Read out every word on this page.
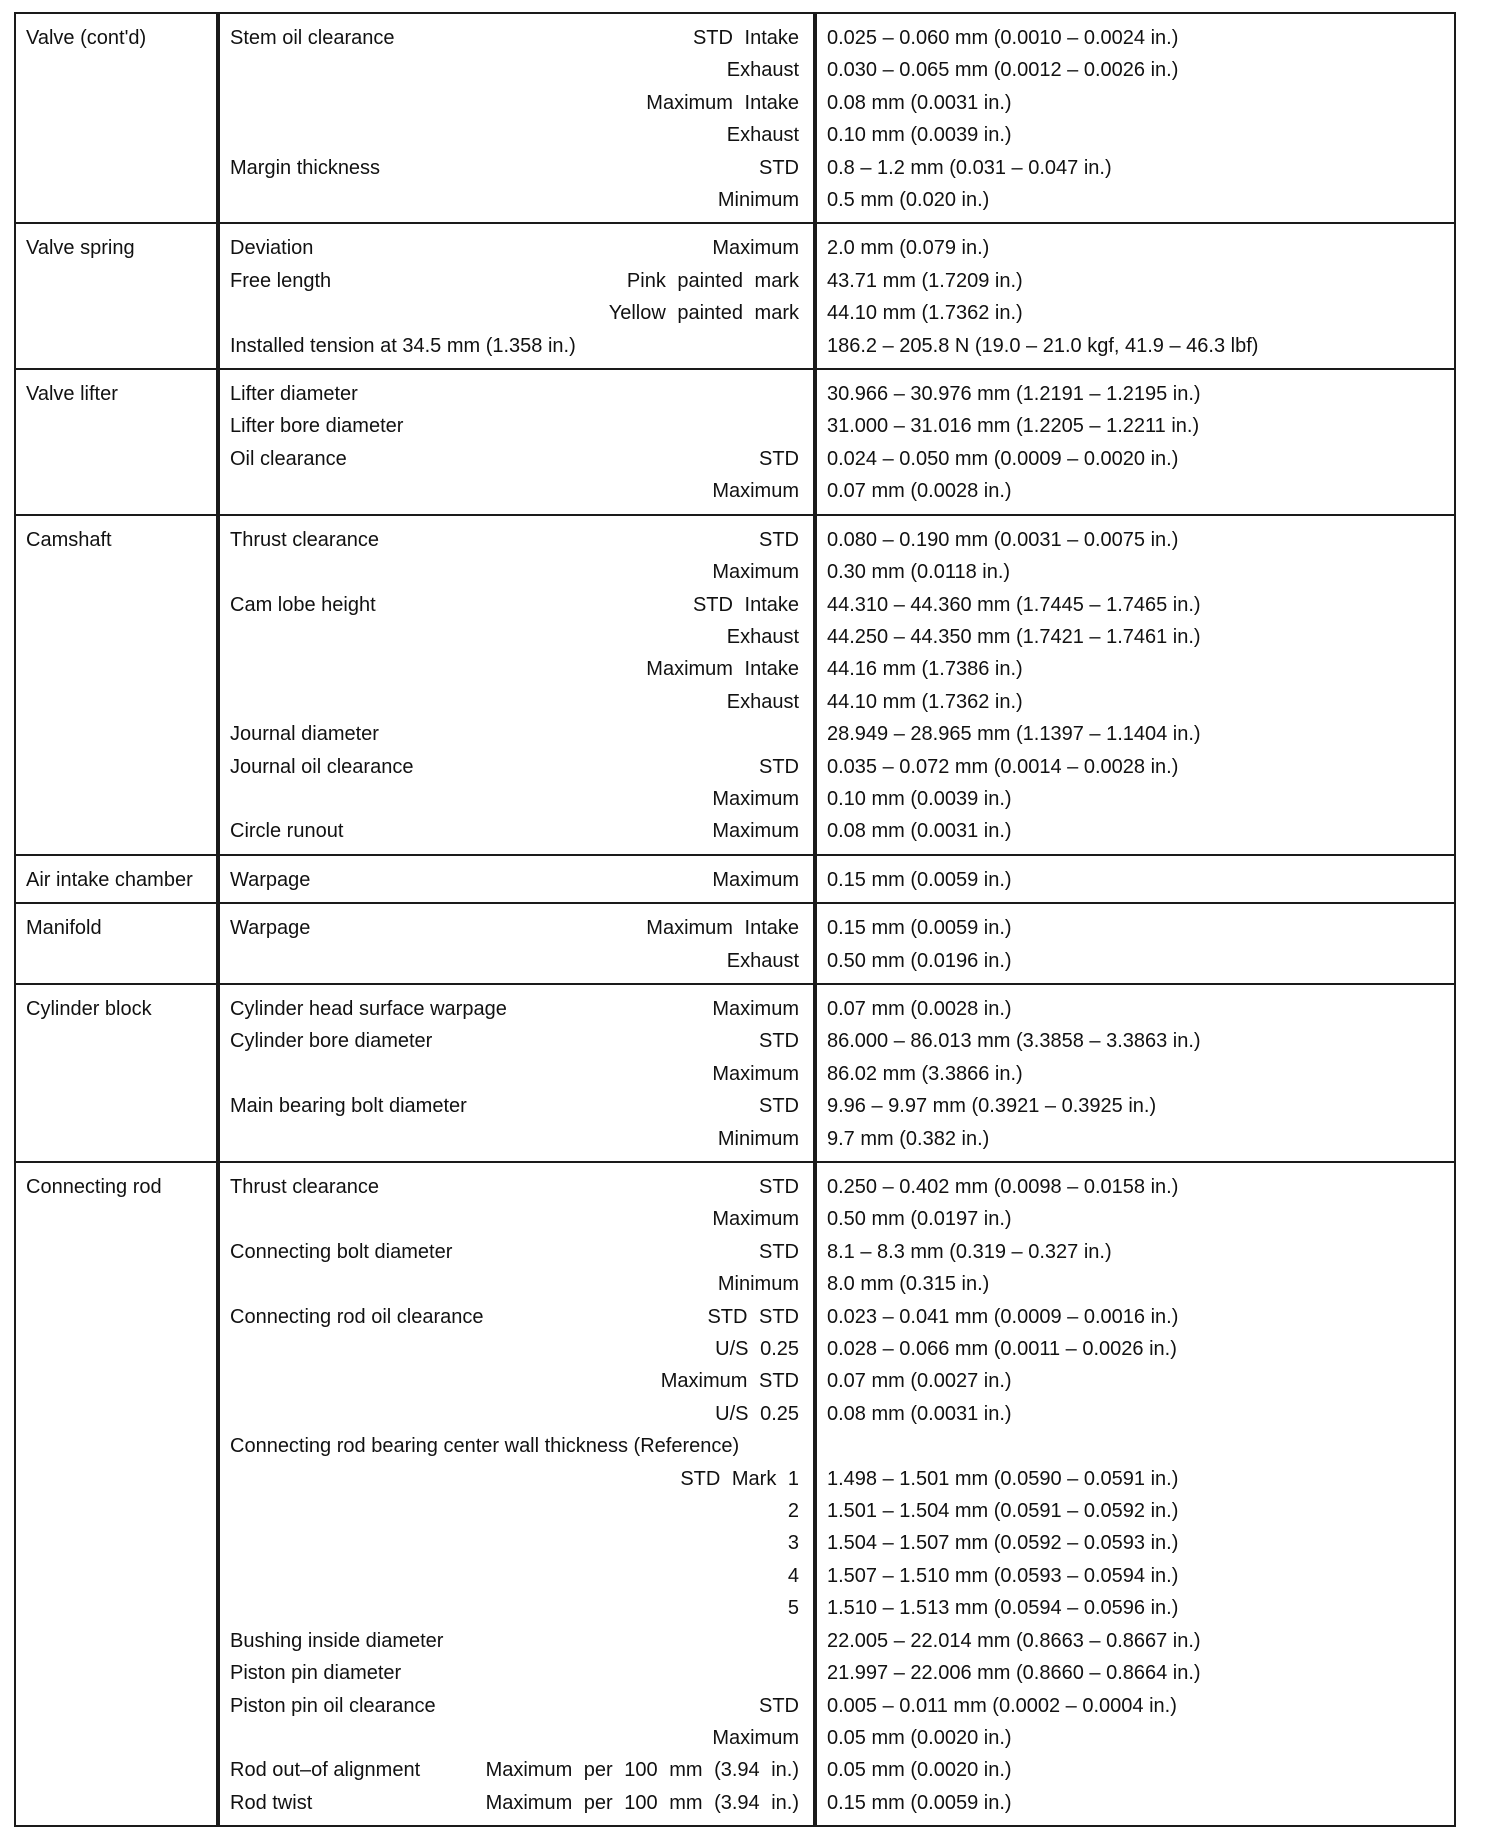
Valve (cont'd)		Stem oil clearance	STD Intake 0.025 – 0.060 mm (0.0010 – 0.0024 in.)

Exhaust 0.030 – 0.065 mm (0.0012 – 0.0026 in.)

Maximum Intake 0.08 mm (0.0031 in.)

Exhaust 0.10 mm (0.0039 in.)

Margin thickness	STD 0.8 – 1.2 mm (0.031 – 0.047 in.)

Minimum 0.5 mm (0.020 in.)
Valve spring		Deviation	Maximum 2.0 mm (0.079 in.)

Free length	Pink painted mark 43.71 mm (1.7209 in.)

Yellow painted mark 44.10 mm (1.7362 in.)

Installed tension at 34.5 mm (1.358 in.)	186.2 – 205.8 N (19.0 – 21.0 kgf, 41.9 – 46.3 lbf)
Valve lifter		Lifter diameter	30.966 – 30.976 mm (1.2191 – 1.2195 in.)

Lifter bore diameter	31.000 – 31.016 mm (1.2205 – 1.2211 in.)

Oil clearance	STD 0.024 – 0.050 mm (0.0009 – 0.0020 in.)

Maximum 0.07 mm (0.0028 in.)
Camshaft		Thrust clearance	STD 0.080 – 0.190 mm (0.0031 – 0.0075 in.)

Maximum 0.30 mm (0.0118 in.)

Cam lobe height	STD Intake 44.310 – 44.360 mm (1.7445 – 1.7465 in.)

Exhaust 44.250 – 44.350 mm (1.7421 – 1.7461 in.)

Maximum Intake 44.16 mm (1.7386 in.)

Exhaust 44.10 mm (1.7362 in.)

Journal diameter	28.949 – 28.965 mm (1.1397 – 1.1404 in.)

Journal oil clearance	STD 0.035 – 0.072 mm (0.0014 – 0.0028 in.)

Maximum 0.10 mm (0.0039 in.)

Circle runout	Maximum 0.08 mm (0.0031 in.)
Air intake chamber	Warpage	Maximum 0.15 mm (0.0059 in.)
Manifold		Warpage	Maximum Intake 0.15 mm (0.0059 in.)

Exhaust 0.50 mm (0.0196 in.)
Cylinder block		Cylinder head surface warpage	Maximum 0.07 mm (0.0028 in.)

Cylinder bore diameter	STD 86.000 – 86.013 mm (3.3858 – 3.3863 in.)

Maximum 86.02 mm (3.3866 in.)

Main bearing bolt diameter	STD 9.96 – 9.97 mm (0.3921 – 0.3925 in.)

Minimum 9.7 mm (0.382 in.)
Connecting rod		Thrust clearance	STD 0.250 – 0.402 mm (0.0098 – 0.0158 in.)

Maximum 0.50 mm (0.0197 in.)

Connecting bolt diameter	STD 8.1 – 8.3 mm (0.319 – 0.327 in.)

Minimum 8.0 mm (0.315 in.)

Connecting rod oil clearance	STD STD 0.023 – 0.041 mm (0.0009 – 0.0016 in.)

U/S 0.25 0.028 – 0.066 mm (0.0011 – 0.0026 in.)

Maximum STD 0.07 mm (0.0027 in.)

U/S 0.25 0.08 mm (0.0031 in.)

Connecting rod bearing center wall thickness (Reference)

STD Mark 1 1.498 – 1.501 mm (0.0590 – 0.0591 in.)

2 1.501 – 1.504 mm (0.0591 – 0.0592 in.)

3 1.504 – 1.507 mm (0.0592 – 0.0593 in.)

4 1.507 – 1.510 mm (0.0593 – 0.0594 in.)

5 1.510 – 1.513 mm (0.0594 – 0.0596 in.)

Bushing inside diameter	22.005 – 22.014 mm (0.8663 – 0.8667 in.)

Piston pin diameter	21.997 – 22.006 mm (0.8660 – 0.8664 in.)

Piston pin oil clearance	STD 0.005 – 0.011 mm (0.0002 – 0.0004 in.)

Maximum 0.05 mm (0.0020 in.)

Rod out–of alignment	Maximum per 100 mm (3.94 in.) 0.05 mm (0.0020 in.)

Rod twist	Maximum per 100 mm (3.94 in.) 0.15 mm (0.0059 in.)
